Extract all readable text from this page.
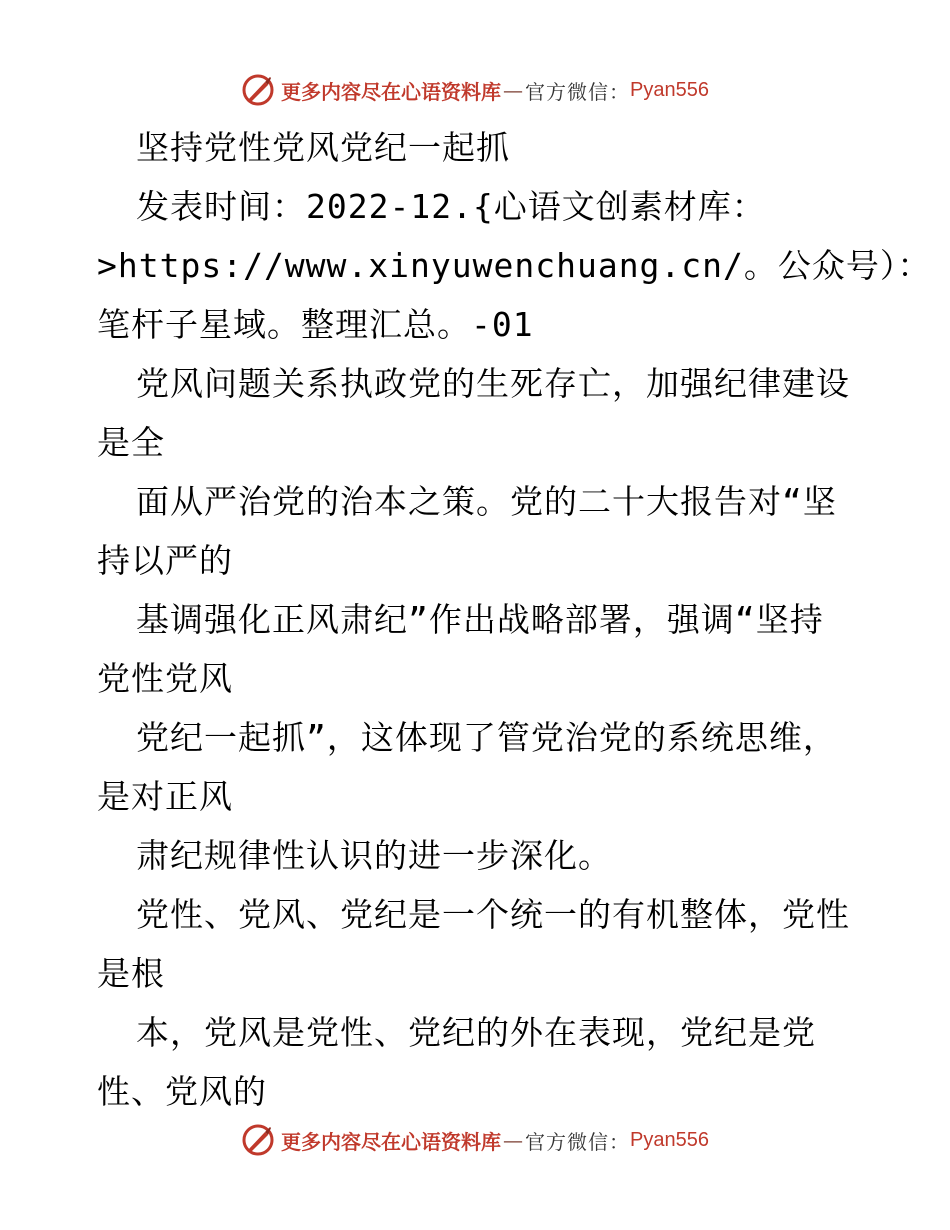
更多内容尽在心语资料库 — 官方微信： Pyan556
坚持党性党风党纪一起抓
发表时间：2022-12.{心语文创素材库：
>https://www.xinyuwenchuang.cn/。公众号）：
笔杆子星域。整理汇总。-01
党风问题关系执政党的生死存亡，加强纪律建设
是全
面从严治党的治本之策。党的二十大报告对“坚
持以严的
基调强化正风肃纪”作出战略部署，强调“坚持
党性党风
党纪一起抓”，这体现了管党治党的系统思维，
是对正风
肃纪规律性认识的进一步深化。
党性、党风、党纪是一个统一的有机整体，党性
是根
本，党风是党性、党纪的外在表现，党纪是党
性、党风的
更多内容尽在心语资料库 — 官方微信： Pyan556
